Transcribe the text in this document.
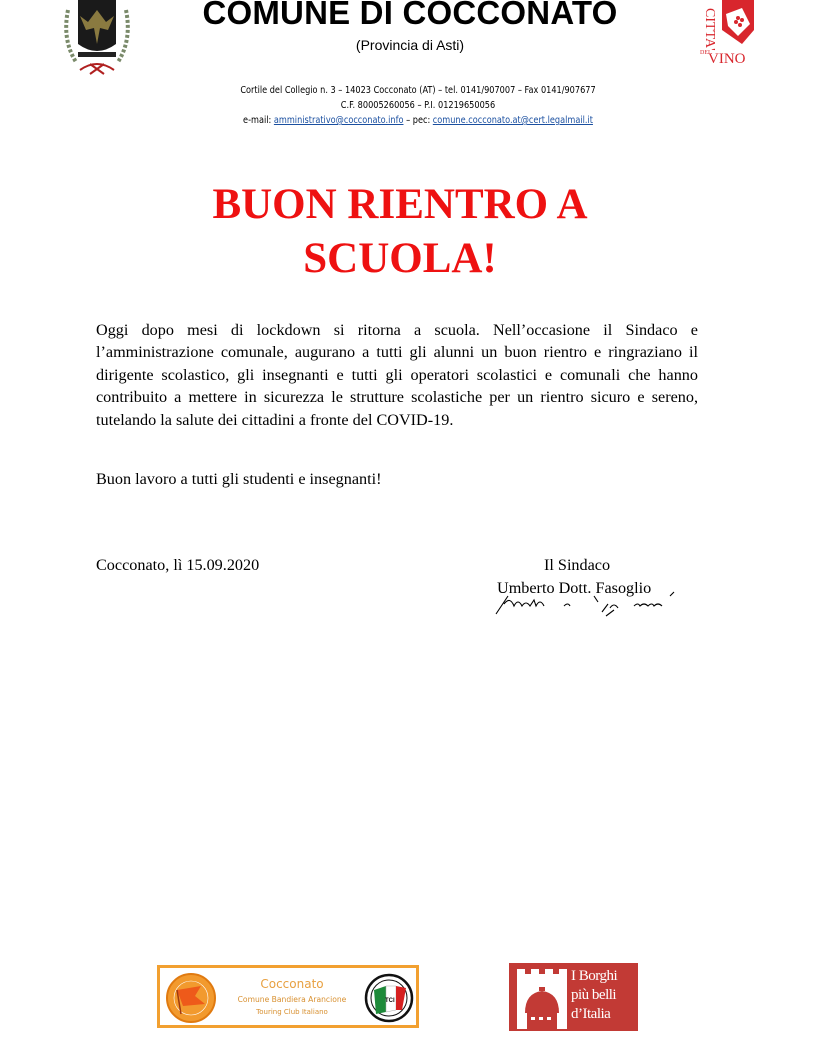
COMUNE DI COCCONATO
(Provincia di Asti)	CITTA'
DEL
VINO
Cortile del Collegio n. 3 – 14023 Cocconato (AT) – tel. 0141/907007 – Fax 0141/907677
C.F. 80005260056 – P.I. 01219650056
e-mail: amministrativo@cocconato.info – pec: comune.cocconato.at@cert.legalmail.it
BUON RIENTRO A
SCUOLA!
Oggi dopo mesi di lockdown si ritorna a scuola. Nell’occasione il Sindaco e l’amministrazione comunale, augurano a tutti gli alunni un buon rientro e ringraziano il dirigente scolastico, gli insegnanti e tutti gli operatori scolastici e comunali che hanno contribuito a mettere in sicurezza le strutture scolastiche per un rientro sicuro e sereno, tutelando la salute dei cittadini a fronte del COVID-19.
Buon lavoro a tutti gli studenti e insegnanti!
Cocconato, lì 15.09.2020	Il Sindaco
Umberto Dott. Fasoglio
Cocconato
Comune Bandiera Arancione
Touring Club Italiano
TCI
I Borghi
più belli
d’Italia
